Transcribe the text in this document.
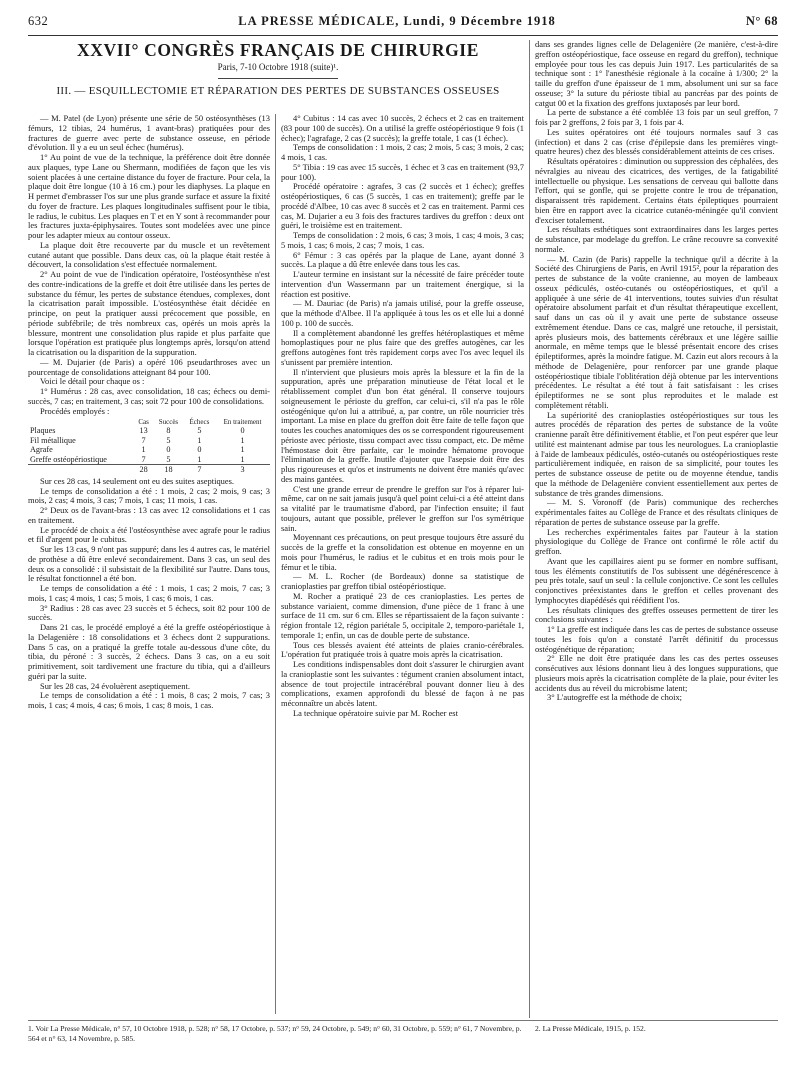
632	LA PRESSE MÉDICALE, Lundi, 9 Décembre 1918	N° 68
XXVII° CONGRÈS FRANÇAIS DE CHIRURGIE
Paris, 7-10 Octobre 1918 (suite)¹.
III. — ESQUILLECTOMIE ET RÉPARATION DES PERTES DE SUBSTANCES OSSEUSES

— M. Patel (de Lyon) présente une série de 50 ostéosynthèses (13 fémurs, 12 tibias, 24 humérus, 1 avant-bras) pratiquées pour des fractures de guerre avec perte de substance osseuse, en période d'évolution. Il y a eu un seul échec (humérus).

1° Au point de vue de la technique, la préférence doit être donnée aux plaques, type Lane ou Shermann, modifiées de façon que les vis soient placées à une certaine distance du foyer de fracture. Pour cela, la plaque doit être longue (10 à 16 cm.) pour les diaphyses. La plaque en H permet d'embrasser l'os sur une plus grande surface et assure la fixité du foyer de fracture. Les plaques longitudinales suffisent pour le tibia, le radius, le cubitus. Les plaques en T et en Y sont à recommander pour les fractures juxta-épiphysaires. Toutes sont modelées avec une pince pour les adapter mieux au contour osseux.

La plaque doit être recouverte par du muscle et un revêtement cutané autant que possible. Dans deux cas, où la plaque était restée à découvert, la consolidation s'est effectuée normalement.

2° Au point de vue de l'indication opératoire, l'ostéosynthèse n'est des contre-indications de la greffe et doit être utilisée dans les pertes de substance du fémur, les pertes de substance étendues, complexes, dont la cicatrisation paraît impossible. L'ostéosynthèse était décidée en principe, on peut la pratiquer aussi précocement que possible, en période subfébrile; de très nombreux cas, opérés un mois après la blessure, montrent une consolidation plus rapide et plus parfaite que lorsque l'opération est pratiquée plus longtemps après, lorsqu'on attend la cicatrisation ou la disparition de la suppuration.

— M. Dujarier (de Paris) a opéré 106 pseudarthroses avec un pourcentage de consolidations atteignant 84 pour 100.

Voici le détail pour chaque os :

1° Humérus : 28 cas, avec consolidation, 18 cas; échecs ou demi-succès, 7 cas; en traitement, 3 cas; soit 72 pour 100 de consolidations.

Procédés employés :

	Cas	Succès	Échecs	En traitement
Plaques	13	8	5	0
Fil métallique	7	5	1	1
Agrafe	1	0	0	1
Greffe ostéopériostique	7	5	1	1
	28	18	7	3

Sur ces 28 cas, 14 seulement ont eu des suites aseptiques.

Le temps de consolidation a été : 1 mois, 2 cas; 2 mois, 9 cas; 3 mois, 2 cas; 4 mois, 3 cas; 7 mois, 1 cas; 11 mois, 1 cas.

2° Deux os de l'avant-bras : 13 cas avec 12 consolidations et 1 cas en traitement.

Le procédé de choix a été l'ostéosynthèse avec agrafe pour le radius et fil d'argent pour le cubitus.

Sur les 13 cas, 9 n'ont pas suppuré; dans les 4 autres cas, le matériel de prothèse a dû être enlevé secondairement. Dans 3 cas, un seul des deux os a consolidé : il subsistait de la flexibilité sur l'autre. Dans tous, le résultat fonctionnel a été bon.

Le temps de consolidation a été : 1 mois, 1 cas; 2 mois, 7 cas; 3 mois, 1 cas; 4 mois, 1 cas; 5 mois, 1 cas; 6 mois, 1 cas.

3° Radius : 28 cas avec 23 succès et 5 échecs, soit 82 pour 100 de succès.

Dans 21 cas, le procédé employé a été la greffe ostéopériostique à la Delagenière : 18 consolidations et 3 échecs dont 2 suppurations. Dans 5 cas, on a pratiqué la greffe totale au-dessous d'une côte, du tibia, du péroné : 3 succès, 2 échecs. Dans 3 cas, on a eu soit primitivement, soit tardivement une fracture du tibia, qui a d'ailleurs guéri par la suite.

Sur les 28 cas, 24 évoluèrent aseptiquement.

Le temps de consolidation a été : 1 mois, 8 cas; 2 mois, 7 cas; 3 mois, 1 cas; 4 mois, 4 cas; 6 mois, 1 cas; 8 mois, 1 cas.

4° Cubitus : 14 cas avec 10 succès, 2 échecs et 2 cas en traitement (83 pour 100 de succès). On a utilisé la greffe ostéopériostique 9 fois (1 échec); l'agrafage, 2 cas (2 succès); la greffe totale, 1 cas (1 échec).

Temps de consolidation : 1 mois, 2 cas; 2 mois, 5 cas; 3 mois, 2 cas; 4 mois, 1 cas.

5° Tibia : 19 cas avec 15 succès, 1 échec et 3 cas en traitement (93,7 pour 100).

Procédé opératoire : agrafes, 3 cas (2 succès et 1 échec); greffes ostéopériostiques, 6 cas (5 succès, 1 cas en traitement); greffe par le procédé d'Albee, 10 cas avec 8 succès et 2 cas en traitement. Parmi ces cas, M. Dujarier a eu 3 fois des fractures tardives du greffon : deux ont guéri, le troisième est en traitement.

Temps de consolidation : 2 mois, 6 cas; 3 mois, 1 cas; 4 mois, 3 cas; 5 mois, 1 cas; 6 mois, 2 cas; 7 mois, 1 cas.

6° Fémur : 3 cas opérés par la plaque de Lane, ayant donné 3 succès. La plaque a dû être enlevée dans tous les cas.

L'auteur termine en insistant sur la nécessité de faire précéder toute intervention d'un Wassermann par un traitement énergique, si la réaction est positive.

— M. Dauriac (de Paris) n'a jamais utilisé, pour la greffe osseuse, que la méthode d'Albee. Il l'a appliquée à tous les os et elle lui a donné 100 p. 100 de succès.

Il a complètement abandonné les greffes hétéroplastiques et même homoplastiques pour ne plus faire que des greffes autogènes, car les greffons autogènes font très rapidement corps avec l'os avec lequel ils s'unissent par première intention.

Il n'intervient que plusieurs mois après la blessure et la fin de la suppuration, après une préparation minutieuse de l'état local et le rétablissement complet d'un bon état général. Il conserve toujours soigneusement le périoste du greffon, car celui-ci, s'il n'a pas le rôle ostéogénique qu'on lui a attribué, a, par contre, un rôle nourricier très important. La mise en place du greffon doit être faite de telle façon que toutes les couches anatomiques des os se correspondent rigoureusement périoste avec périoste, tissu compact avec tissu compact, etc. De même l'hémostase doit être parfaite, car le moindre hématome provoque l'élimination de la greffe. Inutile d'ajouter que l'asepsie doit être des plus rigoureuses et qu'os et instruments ne doivent être maniés qu'avec des mains gantées.

C'est une grande erreur de prendre le greffon sur l'os à réparer lui-même, car on ne sait jamais jusqu'à quel point celui-ci a été atteint dans sa vitalité par le traumatisme d'abord, par l'infection ensuite; il faut toujours, autant que possible, prélever le greffon sur l'os symétrique sain.

Moyennant ces précautions, on peut presque toujours être assuré du succès de la greffe et la consolidation est obtenue en moyenne en un mois pour l'humérus, le radius et le cubitus et en trois mois pour le fémur et le tibia.

— M. L. Rocher (de Bordeaux) donne sa statistique de cranioplasties par greffon tibial ostéopériostique.

M. Rocher a pratiqué 23 de ces cranioplasties. Les pertes de substance variaient, comme dimension, d'une pièce de 1 franc à une surface de 11 cm. sur 6 cm. Elles se répartissaient de la façon suivante : région frontale 12, région pariétale 5, occipitale 2, temporo-pariétale 1, temporale 1; enfin, un cas de double perte de substance.

Tous ces blessés avaient été atteints de plaies cranio-cérébrales. L'opération fut pratiquée trois à quatre mois après la cicatrisation.

Les conditions indispensables dont doit s'assurer le chirurgien avant la cranioplastie sont les suivantes : tégument cranien absolument intact, absence de tout projectile intracérébral pouvant donner lieu à des complications, examen approfondi du blessé de façon à ne pas méconnaître un abcès latent.

La technique opératoire suivie par M. Rocher est

dans ses grandes lignes celle de Delagenière (2e manière, c'est-à-dire greffon ostéopériostique, face osseuse en regard du greffon), technique employée pour tous les cas depuis Juin 1917. Les particularités de sa technique sont : 1° l'anesthésie régionale à la cocaïne à 1/300; 2° la taille du greffon d'une épaisseur de 1 mm, absolument uni sur sa face osseuse; 3° la suture du périoste tibial au pancréas par des points de catgut 00 et la fixation des greffons juxtaposés par leur bord.

La perte de substance a été comblée 13 fois par un seul greffon, 7 fois par 2 greffons, 2 fois par 3, 1 fois par 4.

Les suites opératoires ont été toujours normales sauf 3 cas (infection) et dans 2 cas (crise d'épilepsie dans les premières vingt-quatre heures) chez des blessés considérablement atteints de ces crises.

Résultats opératoires : diminution ou suppression des céphalées, des névralgies au niveau des cicatrices, des vertiges, de la fatigabilité intellectuelle ou physique. Les sensations de cerveau qui ballotte dans l'effort, qui se gonfle, qui se projette contre le trou de trépanation, disparaissent très rapidement. Certains états épileptiques pourraient bien être en rapport avec la cicatrice cutanéo-méningée qu'il convient d'exciser totalement.

Les résultats esthétiques sont extraordinaires dans les larges pertes de substance, par modelage du greffon. Le crâne recouvre sa convexité normale.

— M. Cazin (de Paris) rappelle la technique qu'il a décrite à la Société des Chirurgiens de Paris, en Avril 1915², pour la réparation des pertes de substance de la voûte cranienne, au moyen de lambeaux osseux pédiculés, ostéo-cutanés ou ostéopériostiques, et qu'il a appliquée à une série de 41 interventions, toutes suivies d'un résultat opératoire absolument parfait et d'un résultat thérapeutique excellent, sauf dans un cas où il y avait une perte de substance osseuse extrêmement étendue. Dans ce cas, malgré une retouche, il persistait, après plusieurs mois, des battements cérébraux et une légère saillie anormale, en même temps que le blessé présentait encore des crises épileptiformes, après la moindre fatigue. M. Cazin eut alors recours à la méthode de Delagenière, pour renforcer par une grande plaque ostéopériostique tibiale l'oblitération déjà obtenue par les interventions précédentes. Le résultat a été tout à fait satisfaisant : les crises épileptiformes ne se sont plus reproduites et le malade est complètement rétabli.

La supériorité des cranioplasties ostéopériostiques sur tous les autres procédés de réparation des pertes de substance de la voûte cranienne paraît être définitivement établie, et l'on peut espérer que leur utilité est maintenant admise par tous les neurologues. La cranioplastie à l'aide de lambeaux pédiculés, ostéo-cutanés ou ostéopériostiques reste particulièrement indiquée, en raison de sa simplicité, pour toutes les pertes de substance osseuse de petite ou de moyenne étendue, tandis que la méthode de Delagenière convient essentiellement aux pertes de substance de très grandes dimensions.

— M. S. Voronoff (de Paris) communique des recherches expérimentales faites au Collège de France et des résultats cliniques de réparation de pertes de substance osseuse par la greffe.

Les recherches expérimentales faites par l'auteur à la station physiologique du Collège de France ont confirmé le rôle actif du greffon.

Avant que les capillaires aient pu se former en nombre suffisant, tous les éléments constitutifs de l'os subissent une dégénérescence à peu près totale, sauf un seul : la cellule conjonctive. Ce sont les cellules conjonctives préexistantes dans le greffon et celles provenant des lymphocytes diapédésés qui réédifient l'os.

Les résultats cliniques des greffes osseuses permettent de tirer les conclusions suivantes :

1° La greffe est indiquée dans les cas de pertes de substance osseuse toutes les fois qu'on a constaté l'arrêt définitif du processus ostéogénétique de réparation;

2° Elle ne doit être pratiquée dans les cas des pertes osseuses consécutives aux lésions donnant lieu à des longues suppurations, que plusieurs mois après la cicatrisation complète de la plaie, pour éviter les accidents dus au réveil du microbisme latent;

3° L'autogreffe est la méthode de choix;

1. Voir La Presse Médicale, n° 57, 10 Octobre 1918, p. 528; n° 58, 17 Octobre, p. 537; n° 59, 24 Octobre, p. 549; n° 60, 31 Octobre, p. 559; n° 61, 7 Novembre, p. 564 et n° 63, 14 Novembre, p. 585.
2. La Presse Médicale, 1915, p. 152.
